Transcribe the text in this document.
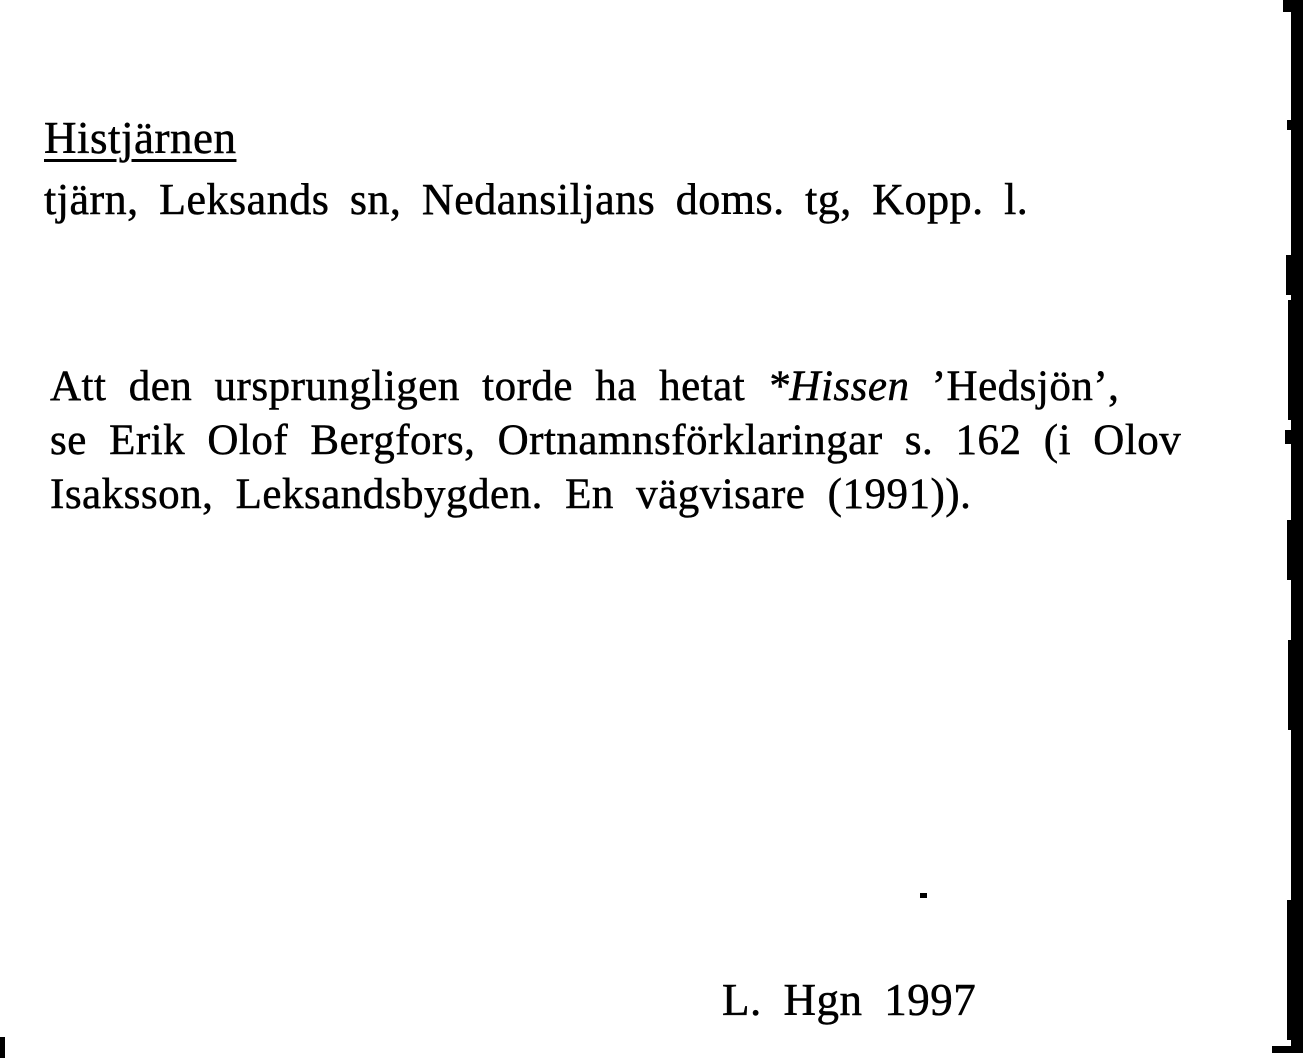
Histjärnen
tjärn, Leksands sn, Nedansiljans doms. tg, Kopp. l.
Att den ursprungligen torde ha hetat *Hissen ’Hedsjön’,
se Erik Olof Bergfors, Ortnamnsförklaringar s. 162 (i Olov
Isaksson, Leksandsbygden. En vägvisare (1991)).
L. Hgn 1997
